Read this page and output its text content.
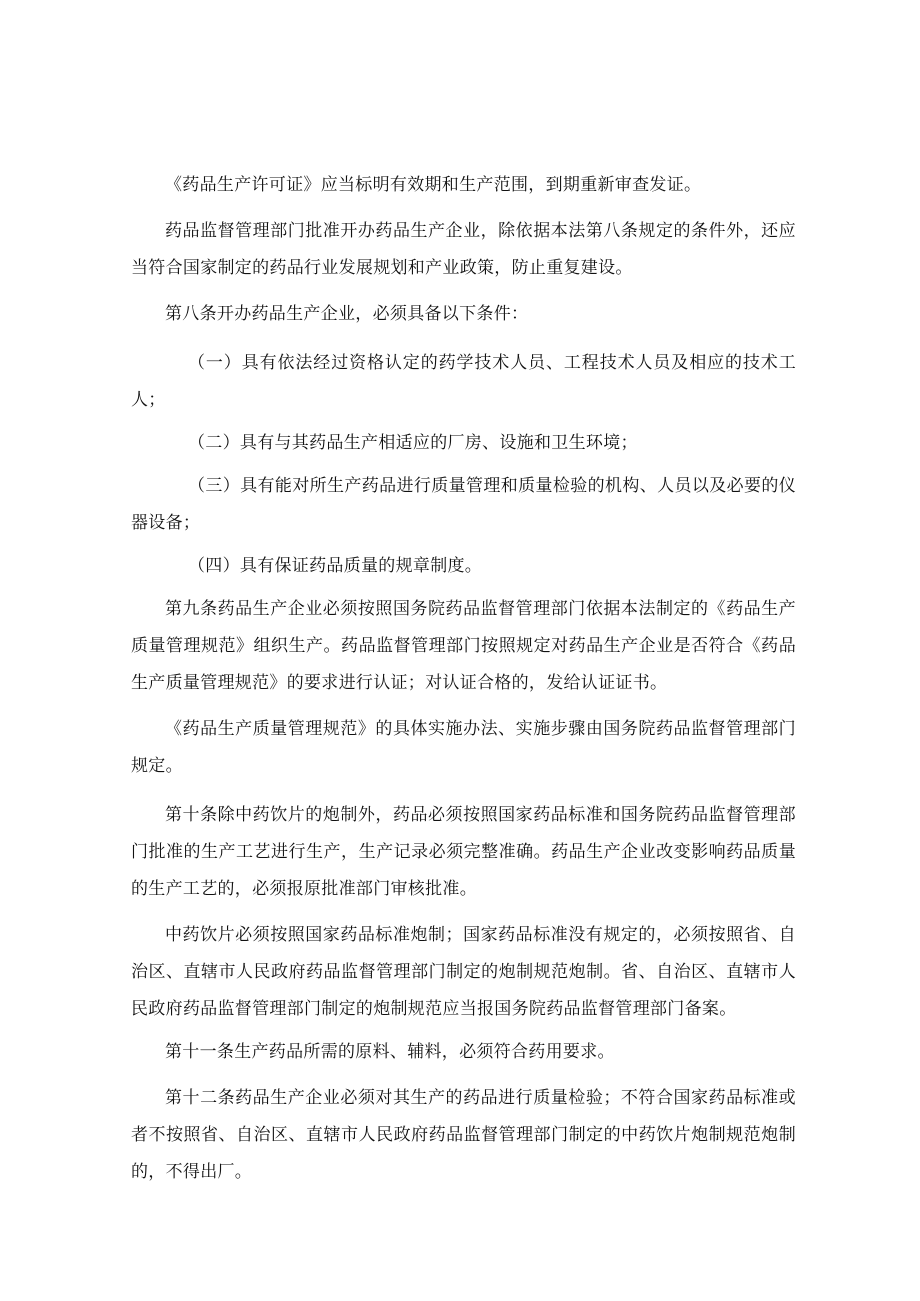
《药品生产许可证》应当标明有效期和生产范围，到期重新审查发证。

药品监督管理部门批准开办药品生产企业，除依据本法第八条规定的条件外，还应当符合国家制定的药品行业发展规划和产业政策，防止重复建设。

第八条开办药品生产企业，必须具备以下条件：

（一）具有依法经过资格认定的药学技术人员、工程技术人员及相应的技术工人；

（二）具有与其药品生产相适应的厂房、设施和卫生环境；

（三）具有能对所生产药品进行质量管理和质量检验的机构、人员以及必要的仪器设备；

（四）具有保证药品质量的规章制度。

第九条药品生产企业必须按照国务院药品监督管理部门依据本法制定的《药品生产质量管理规范》组织生产。药品监督管理部门按照规定对药品生产企业是否符合《药品生产质量管理规范》的要求进行认证；对认证合格的，发给认证证书。

《药品生产质量管理规范》的具体实施办法、实施步骤由国务院药品监督管理部门规定。

第十条除中药饮片的炮制外，药品必须按照国家药品标准和国务院药品监督管理部门批准的生产工艺进行生产，生产记录必须完整准确。药品生产企业改变影响药品质量的生产工艺的，必须报原批准部门审核批准。

中药饮片必须按照国家药品标准炮制；国家药品标准没有规定的，必须按照省、自治区、直辖市人民政府药品监督管理部门制定的炮制规范炮制。省、自治区、直辖市人民政府药品监督管理部门制定的炮制规范应当报国务院药品监督管理部门备案。

第十一条生产药品所需的原料、辅料，必须符合药用要求。

第十二条药品生产企业必须对其生产的药品进行质量检验；不符合国家药品标准或者不按照省、自治区、直辖市人民政府药品监督管理部门制定的中药饮片炮制规范炮制的，不得出厂。
